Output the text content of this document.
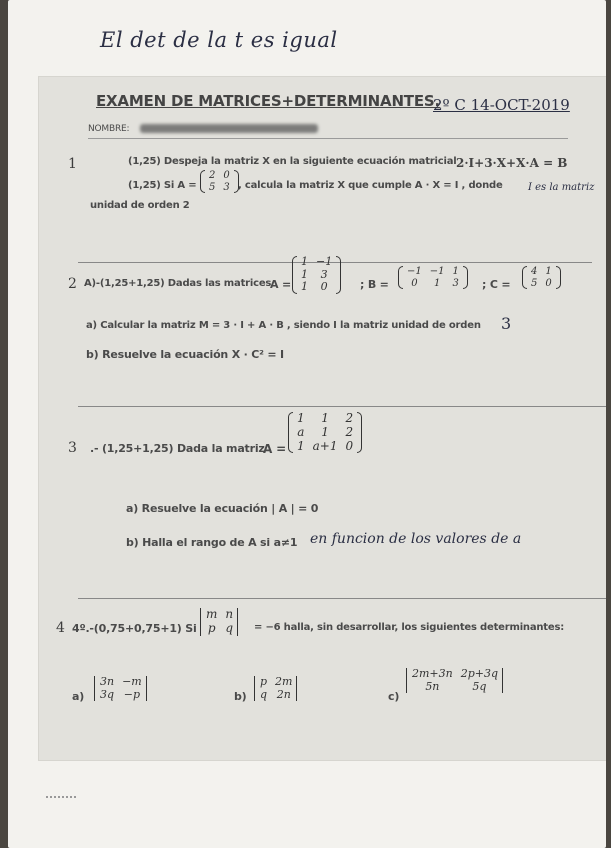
El det de la t es igual
EXAMEN DE MATRICES+DETERMINANTES.
2º C 14-OCT-2019
NOMBRE:
1	(1,25) Despeja la matriz X en la siguiente ecuación matricial 2·I+3·X+X·A = B
(1,25) Si A =
2	0
5	3 , calcula la matriz X que cumple A · X = I , donde	I es la matriz
unidad de orden 2
2 A)-(1,25+1,25) Dadas las matrices
A =
1	−1
1	3
1	0	; B =
−1	−1	1
0	1	3 ; C =
4	1
5	0
a) Calcular la matriz M = 3 · I + A · B , siendo I la matriz unidad de orden 3
b) Resuelve la ecuación X · C² = I
3 .- (1,25+1,25) Dada la matriz
A =
1	1	2
a	1	2
1	a+1	0
a) Resuelve la ecuación | A | = 0
b) Halla el rango de A si a≠1 en funcion de los valores de a
4 4º.-(0,75+0,75+1) Si
m	n
p	q = −6 halla, sin desarrollar, los siguientes determinantes:
a)
3n	−m
3q	−p	b)
p	2m
q	2n	c)
2m+3n	2p+3q
5n	5q
